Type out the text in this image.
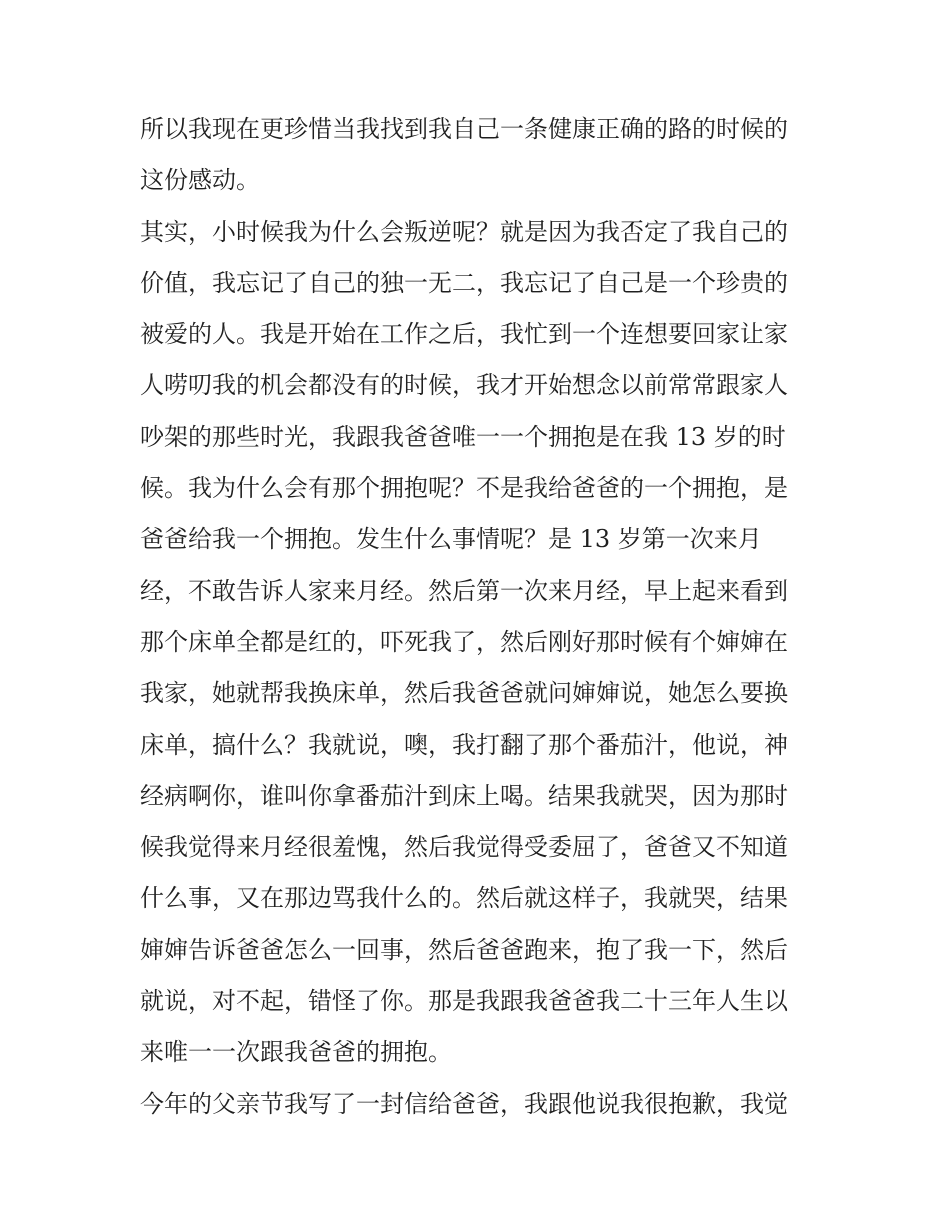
所以我现在更珍惜当我找到我自己一条健康正确的路的时候的
这份感动。
其实，小时候我为什么会叛逆呢？就是因为我否定了我自己的
价值，我忘记了自己的独一无二，我忘记了自己是一个珍贵的
被爱的人。我是开始在工作之后，我忙到一个连想要回家让家
人唠叨我的机会都没有的时候，我才开始想念以前常常跟家人
吵架的那些时光，我跟我爸爸唯一一个拥抱是在我 13 岁的时
候。我为什么会有那个拥抱呢？不是我给爸爸的一个拥抱，是
爸爸给我一个拥抱。发生什么事情呢？是 13 岁第一次来月
经，不敢告诉人家来月经。然后第一次来月经，早上起来看到
那个床单全都是红的，吓死我了，然后刚好那时候有个婶婶在
我家，她就帮我换床单，然后我爸爸就问婶婶说，她怎么要换
床单，搞什么？我就说，噢，我打翻了那个番茄汁，他说，神
经病啊你，谁叫你拿番茄汁到床上喝。结果我就哭，因为那时
候我觉得来月经很羞愧，然后我觉得受委屈了，爸爸又不知道
什么事，又在那边骂我什么的。然后就这样子，我就哭，结果
婶婶告诉爸爸怎么一回事，然后爸爸跑来，抱了我一下，然后
就说，对不起，错怪了你。那是我跟我爸爸我二十三年人生以
来唯一一次跟我爸爸的拥抱。
今年的父亲节我写了一封信给爸爸，我跟他说我很抱歉，我觉
